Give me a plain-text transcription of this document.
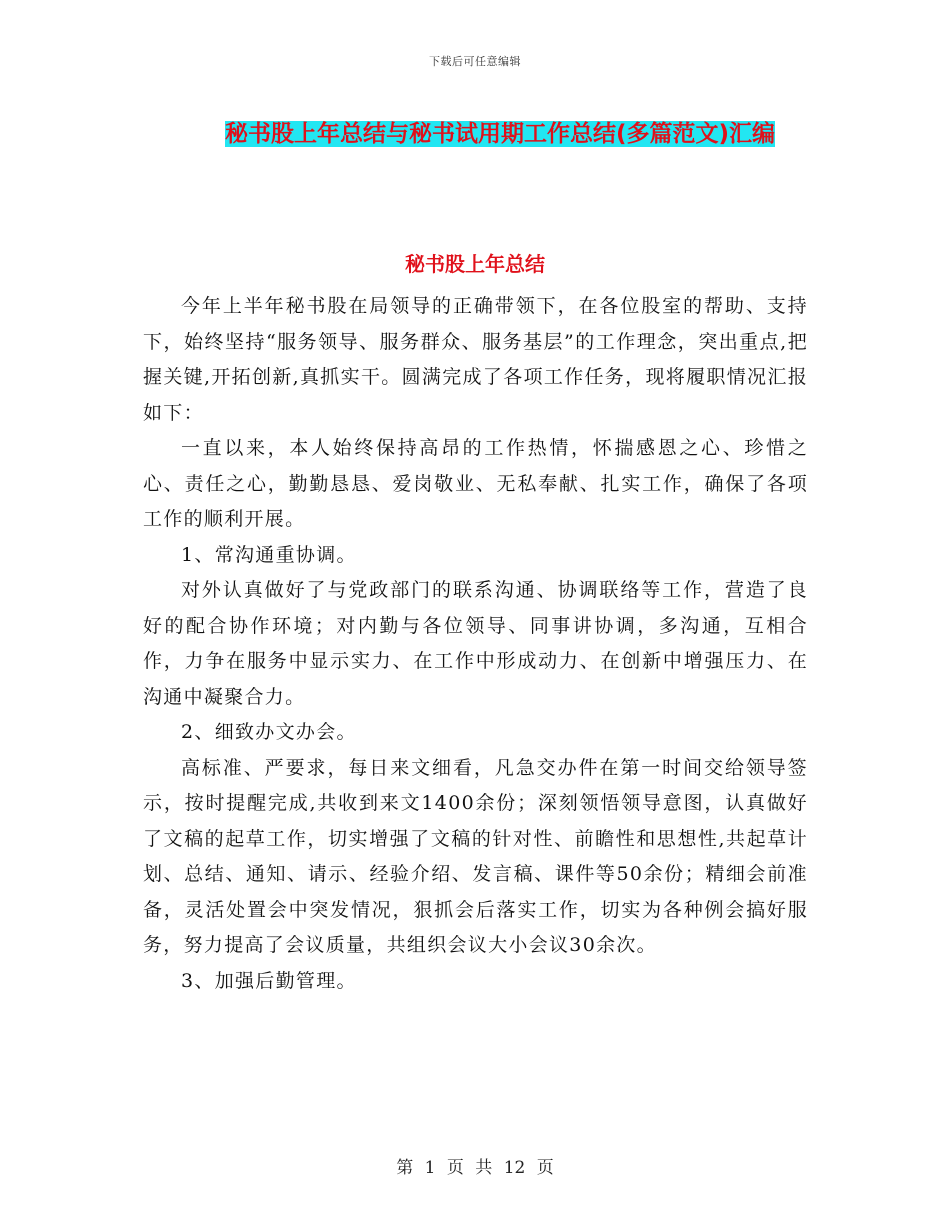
下载后可任意编辑
秘书股上年总结与秘书试用期工作总结(多篇范文)汇编
秘书股上年总结

今年上半年秘书股在局领导的正确带领下，在各位股室的帮助、支持下，始终坚持“服务领导、服务群众、服务基层”的工作理念，突出重点,把握关键,开拓创新,真抓实干。圆满完成了各项工作任务，现将履职情况汇报如下：

一直以来，本人始终保持高昂的工作热情，怀揣感恩之心、珍惜之心、责任之心，勤勤恳恳、爱岗敬业、无私奉献、扎实工作，确保了各项工作的顺利开展。

1、常沟通重协调。

对外认真做好了与党政部门的联系沟通、协调联络等工作，营造了良好的配合协作环境；对内勤与各位领导、同事讲协调，多沟通，互相合作，力争在服务中显示实力、在工作中形成动力、在创新中增强压力、在沟通中凝聚合力。

2、细致办文办会。

高标准、严要求，每日来文细看，凡急交办件在第一时间交给领导签示，按时提醒完成,共收到来文1400余份；深刻领悟领导意图，认真做好了文稿的起草工作，切实增强了文稿的针对性、前瞻性和思想性,共起草计划、总结、通知、请示、经验介绍、发言稿、课件等50余份；精细会前准备，灵活处置会中突发情况，狠抓会后落实工作，切实为各种例会搞好服务，努力提高了会议质量，共组织会议大小会议30余次。

3、加强后勤管理。

第 1 页 共 12 页
